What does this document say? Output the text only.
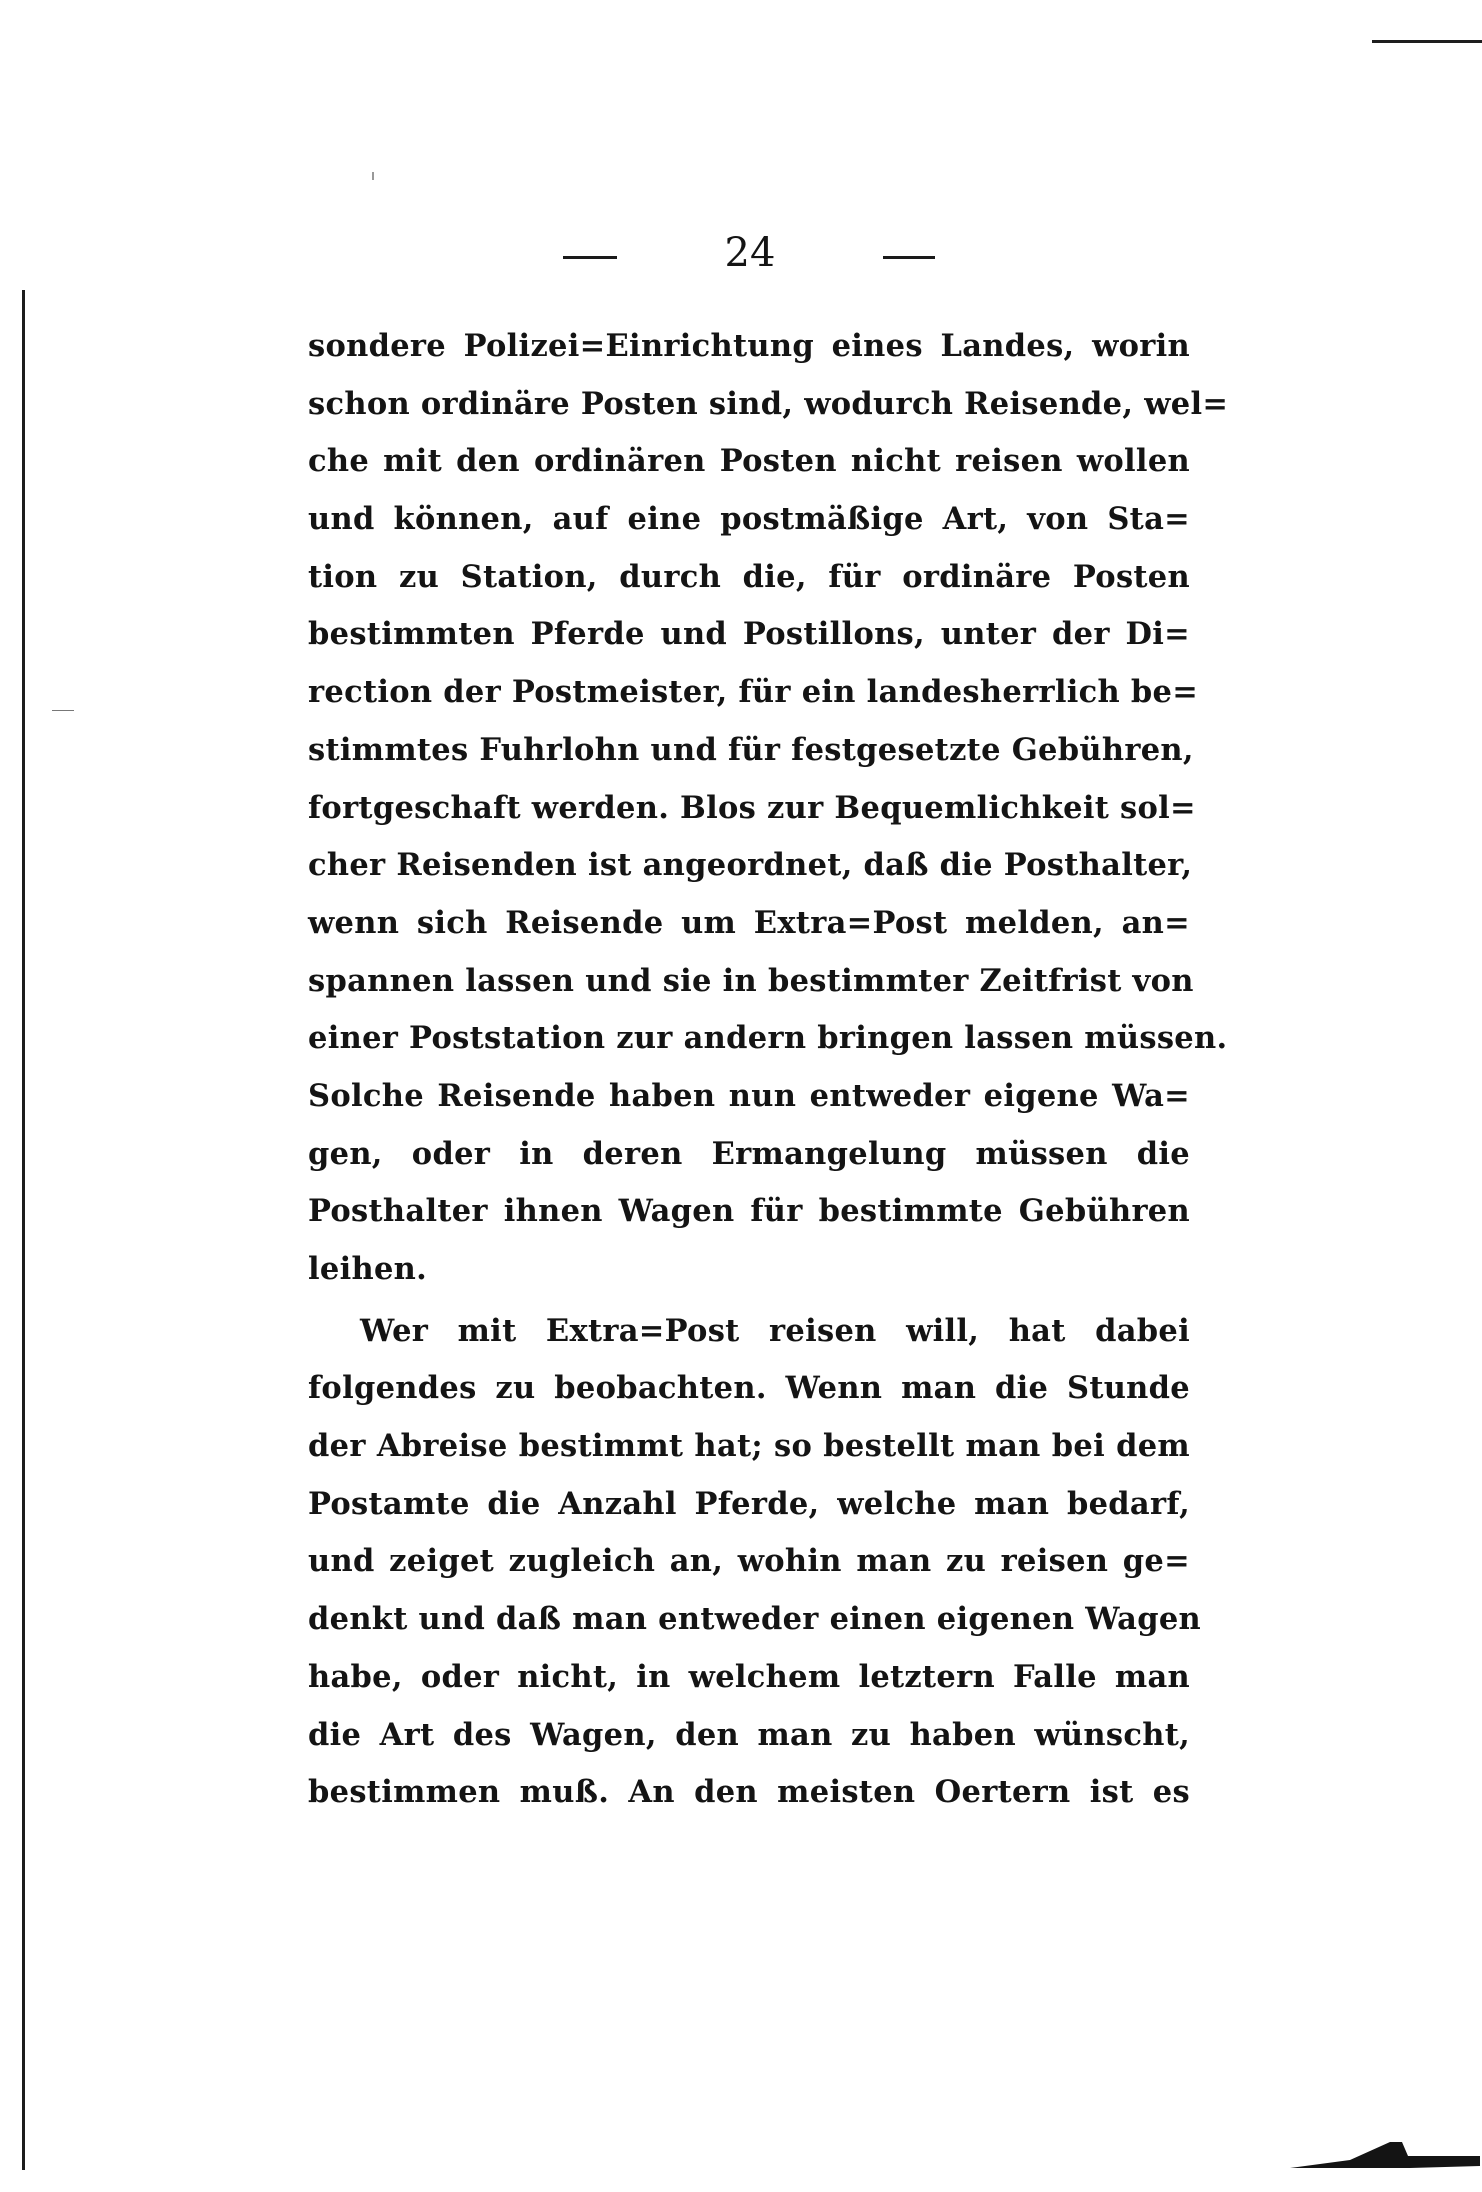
24
sondere Polizei=Einrichtung eines Landes, worin
schon ordinäre Posten sind, wodurch Reisende, wel=
che mit den ordinären Posten nicht reisen wollen
und können, auf eine postmäßige Art, von Sta=
tion zu Station, durch die, für ordinäre Posten
bestimmten Pferde und Postillons, unter der Di=
rection der Postmeister, für ein landesherrlich be=
stimmtes Fuhrlohn und für festgesetzte Gebühren,
fortgeschaft werden. Blos zur Bequemlichkeit sol=
cher Reisenden ist angeordnet, daß die Posthalter,
wenn sich Reisende um Extra=Post melden, an=
spannen lassen und sie in bestimmter Zeitfrist von
einer Poststation zur andern bringen lassen müssen.
Solche Reisende haben nun entweder eigene Wa=
gen, oder in deren Ermangelung müssen die
Posthalter ihnen Wagen für bestimmte Gebühren
leihen.
Wer mit Extra=Post reisen will, hat dabei
folgendes zu beobachten. Wenn man die Stunde
der Abreise bestimmt hat; so bestellt man bei dem
Postamte die Anzahl Pferde, welche man bedarf,
und zeiget zugleich an, wohin man zu reisen ge=
denkt und daß man entweder einen eigenen Wagen
habe, oder nicht, in welchem letztern Falle man
die Art des Wagen, den man zu haben wünscht,
bestimmen muß. An den meisten Oertern ist es
